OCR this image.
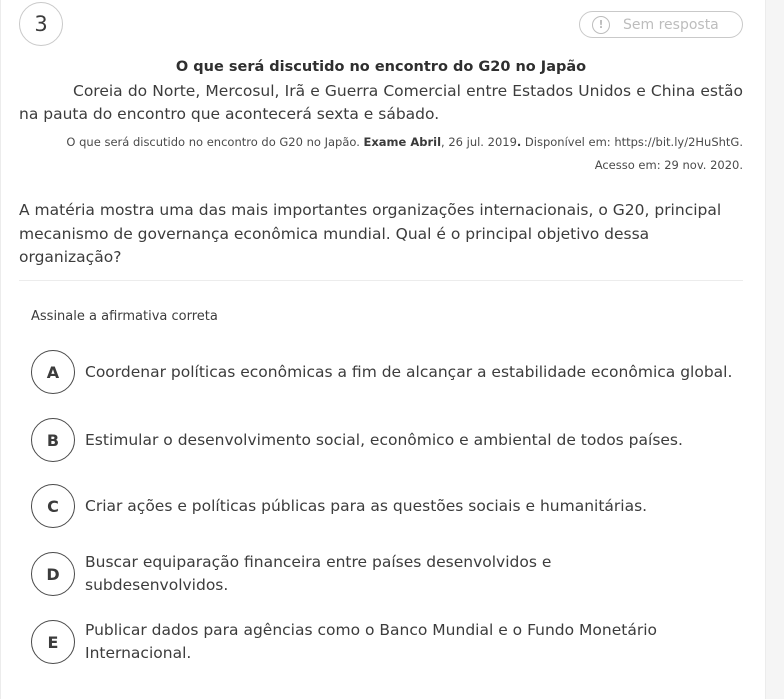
3	!	Sem resposta
O que será discutido no encontro do G20 no Japão
Coreia do Norte, Mercosul, Irã e Guerra Comercial entre Estados Unidos e China estão na pauta do encontro que acontecerá sexta e sábado.
O que será discutido no encontro do G20 no Japão. Exame Abril, 26 jul. 2019. Disponível em: https://bit.ly/2HuShtG.
Acesso em: 29 nov. 2020.
A matéria mostra uma das mais importantes organizações internacionais, o G20, principal mecanismo de governança econômica mundial. Qual é o principal objetivo dessa organização?
Assinale a afirmativa correta
A	Coordenar políticas econômicas a fim de alcançar a estabilidade econômica global.
B	Estimular o desenvolvimento social, econômico e ambiental de todos países.
C	Criar ações e políticas públicas para as questões sociais e humanitárias.
D
Buscar equiparação financeira entre países desenvolvidos e subdesenvolvidos.
E
Publicar dados para agências como o Banco Mundial e o Fundo Monetário Internacional.
